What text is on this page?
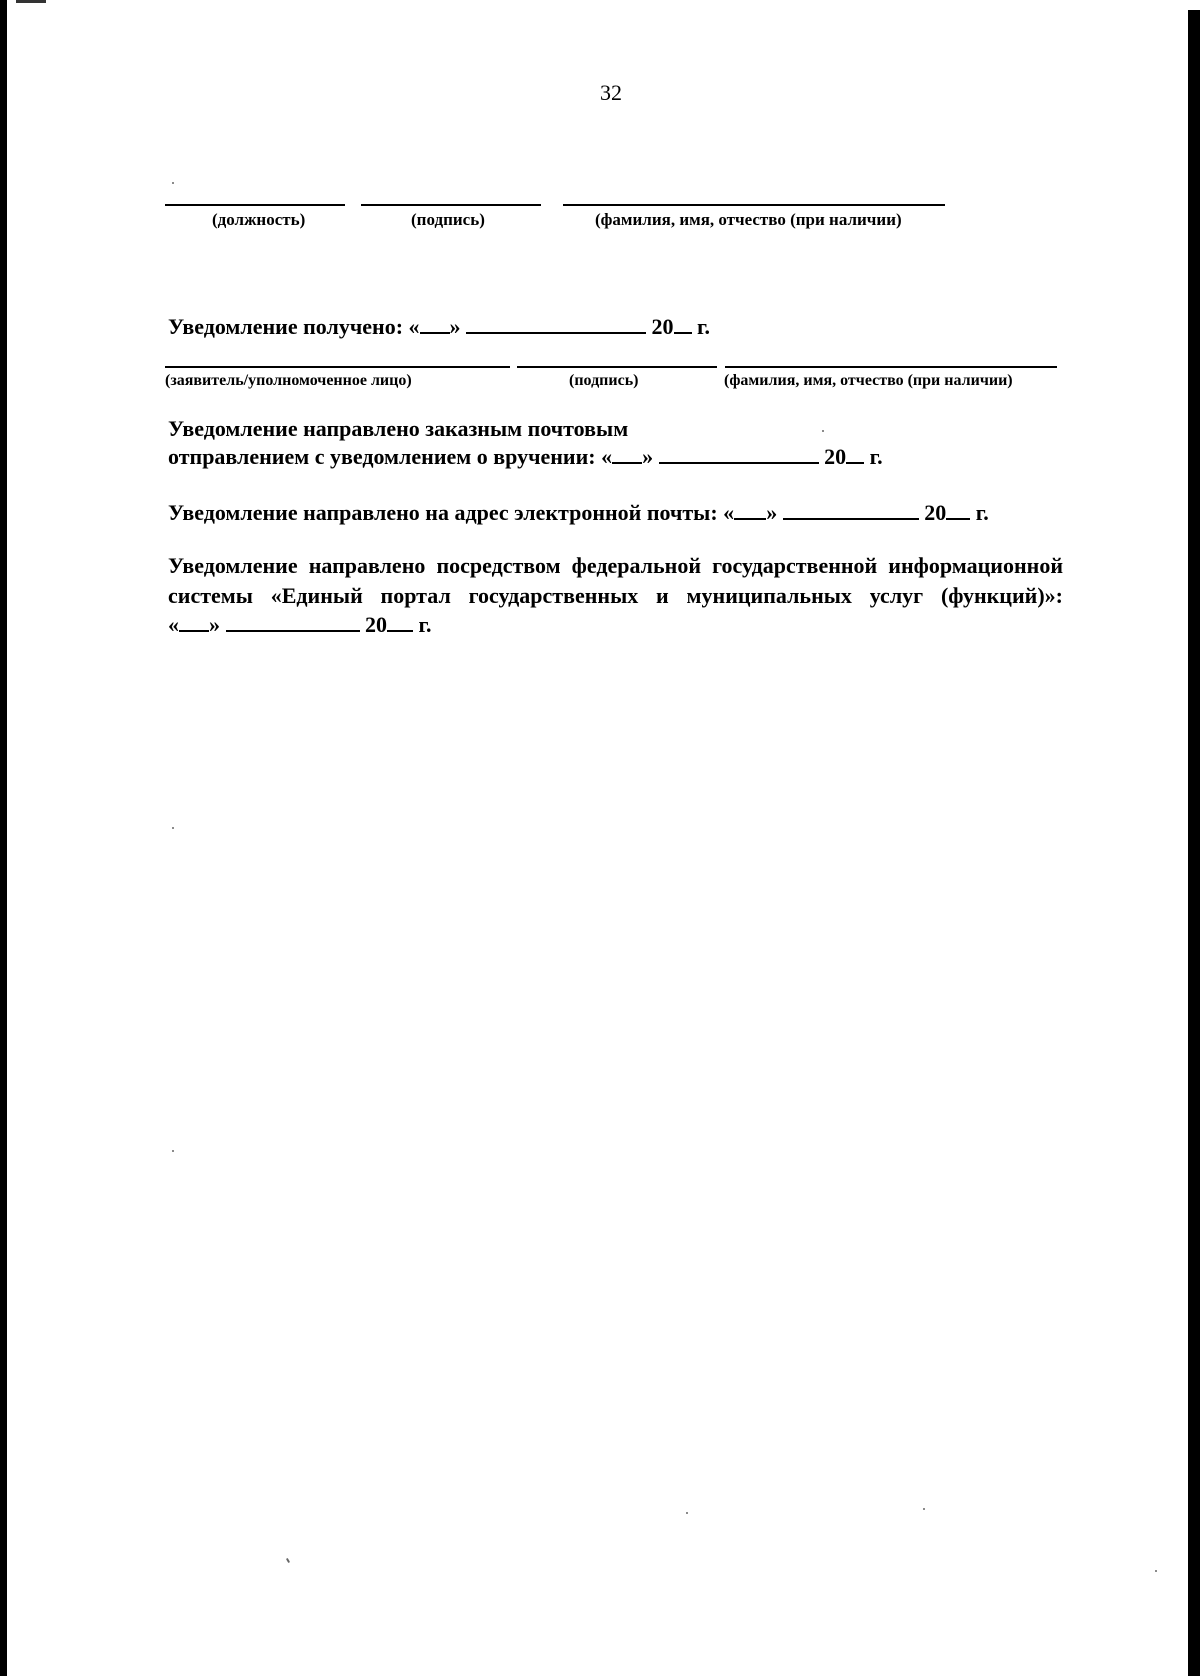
32
(должность)	(подпись)	(фамилия, имя, отчество (при наличии)
Уведомление получено: « »	20 г.
(заявитель/уполномоченное лицо)	(подпись)	(фамилия, имя, отчество (при наличии)
Уведомление направлено заказным почтовым
отправлением с уведомлением о вручении: « »	20 г.
Уведомление направлено на адрес электронной почты: « »	20 г.
Уведомление направлено посредством федеральной государственной информационной
системы «Единый портал государственных и муниципальных услуг (функций)»:
« »	20 г.
